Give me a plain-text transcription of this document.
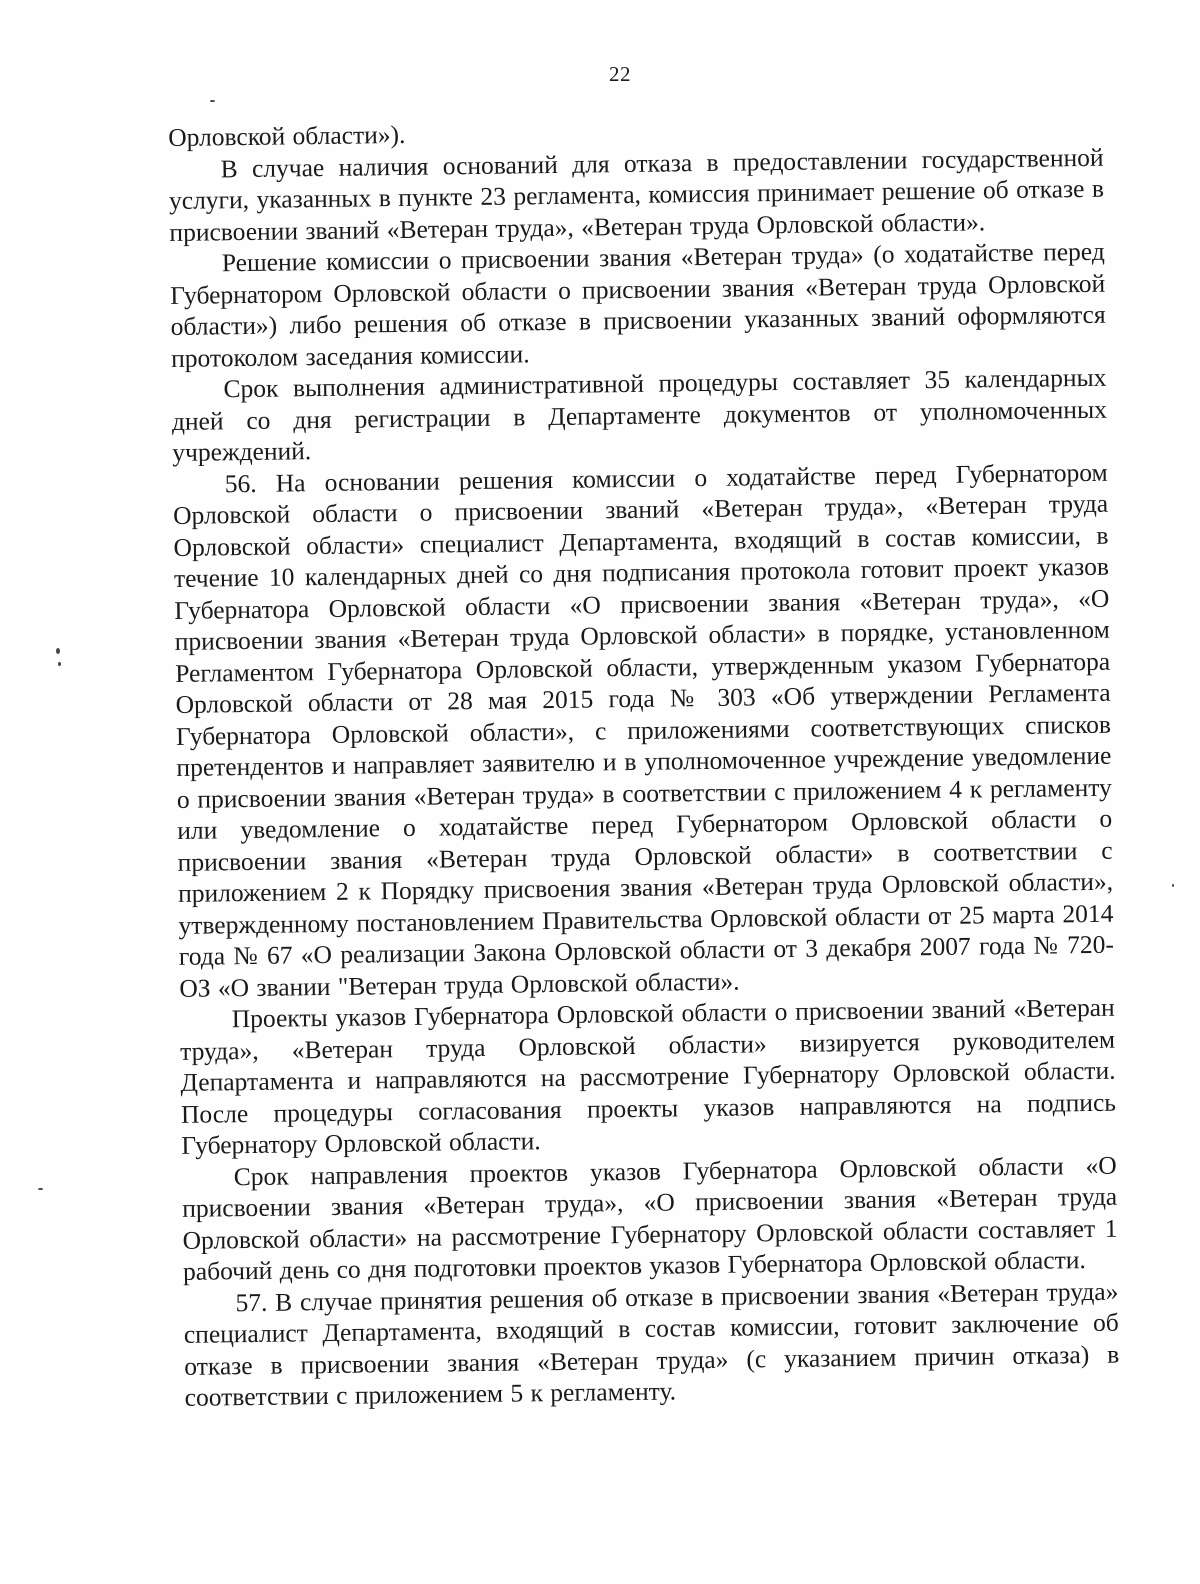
22

Орловской области»).

В случае наличия оснований для отказа в предоставлении государственной услуги, указанных в пункте 23 регламента, комиссия принимает решение об отказе в присвоении званий «Ветеран труда», «Ветеран труда Орловской области».

Решение комиссии о присвоении звания «Ветеран труда» (о ходатайстве перед Губернатором Орловской области о присвоении звания «Ветеран труда Орловской области») либо решения об отказе в присвоении указанных званий оформляются протоколом заседания комиссии.

Срок выполнения административной процедуры составляет 35 календарных дней со дня регистрации в Департаменте документов от уполномоченных учреждений.

56. На основании решения комиссии о ходатайстве перед Губернатором Орловской области о присвоении званий «Ветеран труда», «Ветеран труда Орловской области» специалист Департамента, входящий в состав комиссии, в течение 10 календарных дней со дня подписания протокола готовит проект указов Губернатора Орловской области «О присвоении звания «Ветеран труда», «О присвоении звания «Ветеран труда Орловской области» в порядке, установленном Регламентом Губернатора Орловской области, утвержденным указом Губернатора Орловской области от 28 мая 2015 года № 303 «Об утверждении Регламента Губернатора Орловской области», с приложениями соответствующих списков претендентов и направляет заявителю и в уполномоченное учреждение уведомление о присвоении звания «Ветеран труда» в соответствии с приложением 4 к регламенту или уведомление о ходатайстве перед Губернатором Орловской области о присвоении звания «Ветеран труда Орловской области» в соответствии с приложением 2 к Порядку присвоения звания «Ветеран труда Орловской области», утвержденному постановлением Правительства Орловской области от 25 марта 2014 года № 67 «О реализации Закона Орловской области от 3 декабря 2007 года № 720-ОЗ «О звании "Ветеран труда Орловской области».

Проекты указов Губернатора Орловской области о присвоении званий «Ветеран труда», «Ветеран труда Орловской области» визируется руководителем Департамента и направляются на рассмотрение Губернатору Орловской области. После процедуры согласования проекты указов направляются на подпись Губернатору Орловской области.

Срок направления проектов указов Губернатора Орловской области «О присвоении звания «Ветеран труда», «О присвоении звания «Ветеран труда Орловской области» на рассмотрение Губернатору Орловской области составляет 1 рабочий день со дня подготовки проектов указов Губернатора Орловской области.

57. В случае принятия решения об отказе в присвоении звания «Ветеран труда» специалист Департамента, входящий в состав комиссии, готовит заключение об отказе в присвоении звания «Ветеран труда» (с указанием причин отказа) в соответствии с приложением 5 к регламенту.
